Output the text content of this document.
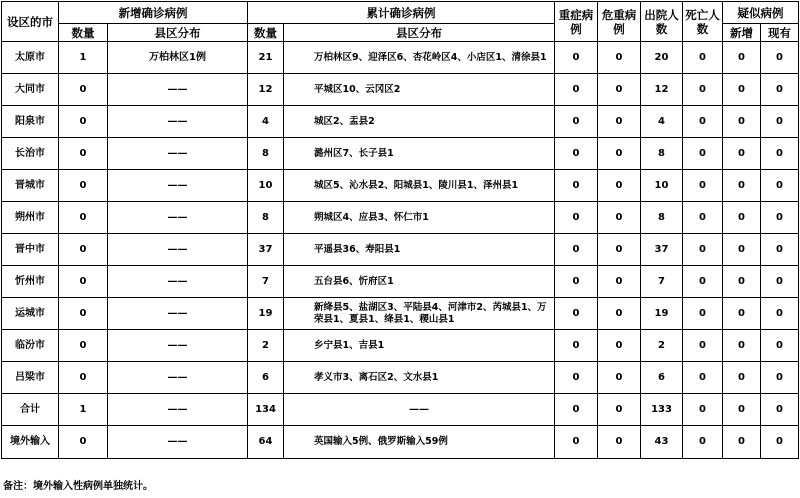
设区的市	新增确诊病例		累计确诊病例		重症病例	危重病例	出院人数	死亡人数	疑似病例	
	数量	县区分布	数量	县区分布					新增	现有
太原市	1	万柏林区1例	21	万柏林区9、迎泽区6、杏花岭区4、小店区1、清徐县1	0	0	20	0	0	0
大同市	0	——	12	平城区10、云冈区2	0	0	12	0	0	0
阳泉市	0	——	4	城区2、盂县2	0	0	4	0	0	0
长治市	0	——	8	潞州区7、长子县1	0	0	8	0	0	0
晋城市	0	——	10	城区5、沁水县2、阳城县1、陵川县1、泽州县1	0	0	10	0	0	0
朔州市	0	——	8	朔城区4、应县3、怀仁市1	0	0	8	0	0	0
晋中市	0	——	37	平遥县36、寿阳县1	0	0	37	0	0	0
忻州市	0	——	7	五台县6、忻府区1	0	0	7	0	0	0
运城市	0	——	19	新绛县5、盐湖区3、平陆县4、河津市2、芮城县1、万荣县1、夏县1、绛县1、稷山县1	0	0	19	0	0	0
临汾市	0	——	2	乡宁县1、吉县1	0	0	2	0	0	0
吕梁市	0	——	6	孝义市3、离石区2、文水县1	0	0	6	0	0	0
合计	1	——	134	——	0	0	133	0	0	0
境外输入	0	——	64	英国输入5例、俄罗斯输入59例	0	0	43	0	0	0
备注：境外输入性病例单独统计。
